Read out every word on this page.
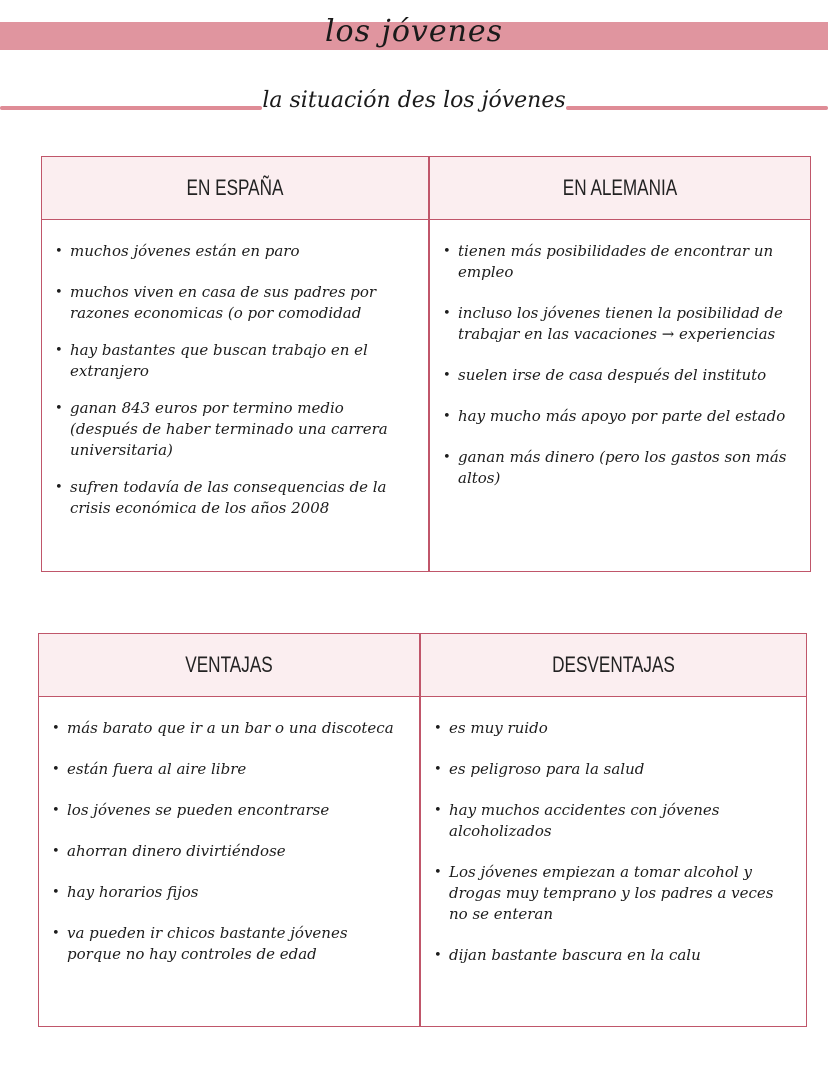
los jóvenes
la situación des los jóvenes
EN ESPAÑA	EN ALEMANIA
• muchos jóvenes están en paro
• muchos viven en casa de sus padres por razones economicas (o por comodidad
• hay bastantes que buscan trabajo en el extranjero
• ganan 843 euros por termino medio (después de haber terminado una carrera universitaria)
• sufren todavía de las consequencias de la crisis económica de los años 2008
• tienen más posibilidades de encontrar un empleo
• incluso los jóvenes tienen la posibilidad de trabajar en las vacaciones → experiencias
• suelen irse de casa después del instituto
• hay mucho más apoyo por parte del estado
• ganan más dinero (pero los gastos son más altos)
VENTAJAS	DESVENTAJAS
• más barato que ir a un bar o una discoteca
• están fuera al aire libre
• los jóvenes se pueden encontrarse
• ahorran dinero divirtiéndose
• hay horarios fijos
• va pueden ir chicos bastante jóvenes porque no hay controles de edad
• es muy ruido
• es peligroso para la salud
• hay muchos accidentes con jóvenes alcoholizados
• Los jóvenes empiezan a tomar alcohol y drogas muy temprano y los padres a veces no se enteran
• dijan bastante bascura en la calu
